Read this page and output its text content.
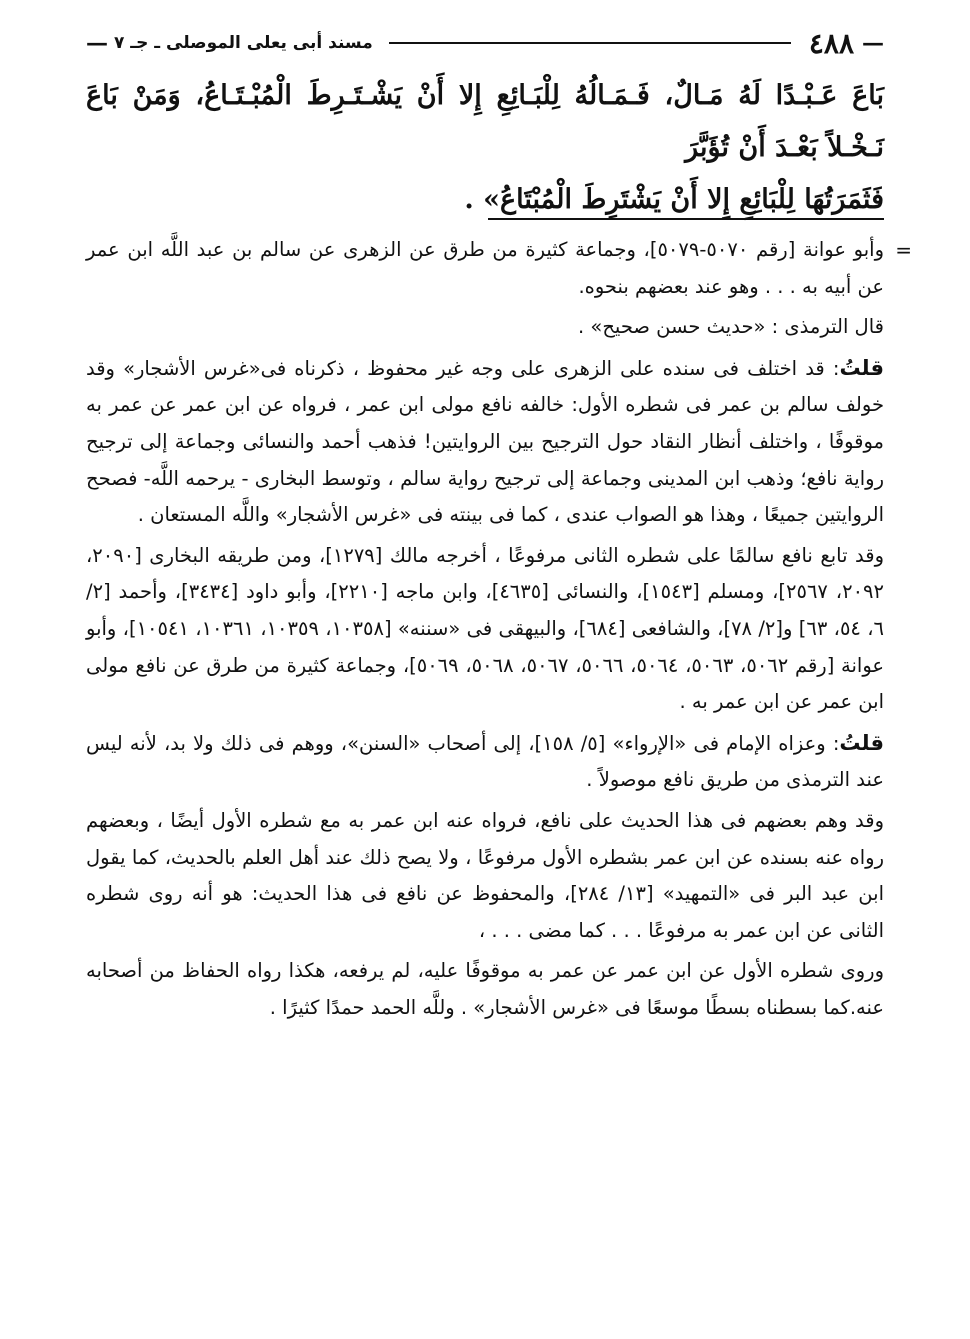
—
٤٨٨
مسند أبى يعلى الموصلى ـ جـ ٧
—

بَاعَ عَـبْـدًا لَهُ مَـالٌ، فَـمَـالُهُ لِلْبَـائِعِ إِلا أَنْ يَشْـتَـرِطَ الْمُبْـتَـاعُ، وَمَنْ بَاعَ نَـخْـلاً بَعْـدَ أَنْ تُؤَبَّرَ

فَثَمَرَتُهَا لِلْبَائِعِ إِلا أَنْ يَشْتَرِطَ الْمُبْتَاعُ» .

=
وأبو عوانة [رقم ٥٠٧٠-٥٠٧٩]، وجماعة كثيرة من طرق عن الزهرى عن سالم بن عبد اللَّه ابن عمر عن أبيه به . . . وهو عند بعضهم بنحوه.

قال الترمذى : «حديث حسن صحيح» .

قلتُ: قد اختلف فى سنده على الزهرى على وجه غير محفوظ ، ذكرناه فى«غرس الأشجار» وقد خولف سالم بن عمر فى شطره الأول: خالفه نافع مولى ابن عمر ، فرواه عن ابن عمر عن عمر به موقوفًا ، واختلف أنظار النقاد حول الترجيح بين الروايتين! فذهب أحمد والنسائى وجماعة إلى ترجيح رواية نافع؛ وذهب ابن المدينى وجماعة إلى ترجيح رواية سالم ، وتوسط البخارى - يرحمه اللَّه- فصحح الروايتين جميعًا ، وهذا هو الصواب عندى ، كما فى بينته فى «غرس الأشجار» واللَّه المستعان .

وقد تابع نافع سالمًا على شطره الثانى مرفوعًا ، أخرجه مالك [١٢٧٩]، ومن طريقه البخارى [٢٠٩٠، ٢٠٩٢، ٢٥٦٧]، ومسلم [١٥٤٣]، والنسائى [٤٦٣٥]، وابن ماجه [٢٢١٠]، وأبو داود [٣٤٣٤]، وأحمد [٢/ ٦، ٥٤، ٦٣] و[٢/ ٧٨]، والشافعى [٦٨٤]، والبيهقى فى «سننه» [١٠٣٥٨، ١٠٣٥٩، ١٠٣٦١، ١٠٥٤١]، وأبو عوانة [رقم ٥٠٦٢، ٥٠٦٣، ٥٠٦٤، ٥٠٦٦، ٥٠٦٧، ٥٠٦٨، ٥٠٦٩]، وجماعة كثيرة من طرق عن نافع مولى ابن عمر عن ابن عمر به .

قلتُ: وعزاه الإمام فى «الإرواء» [٥/ ١٥٨]، إلى أصحاب «السنن»، ووهم فى ذلك ولا بد، لأنه ليس عند الترمذى من طريق نافع موصولاً .

وقد وهم بعضهم فى هذا الحديث على نافع، فرواه عنه ابن عمر به مع شطره الأول أيضًا ، وبعضهم رواه عنه بسنده عن ابن عمر بشطره الأول مرفوعًا ، ولا يصح ذلك عند أهل العلم بالحديث، كما يقول ابن عبد البر فى «التمهيد» [١٣/ ٢٨٤]، والمحفوظ عن نافع فى هذا الحديث: هو أنه روى شطره الثانى عن ابن عمر به مرفوعًا . . . كما مضى . . . ،

وروى شطره الأول عن ابن عمر عن عمر به موقوفًا عليه، لم يرفعه، هكذا رواه الحفاظ من أصحابه عنه.كما بسطناه بسطًا موسعًا فى «غرس الأشجار» . وللَّه الحمد حمدًا كثيرًا .
